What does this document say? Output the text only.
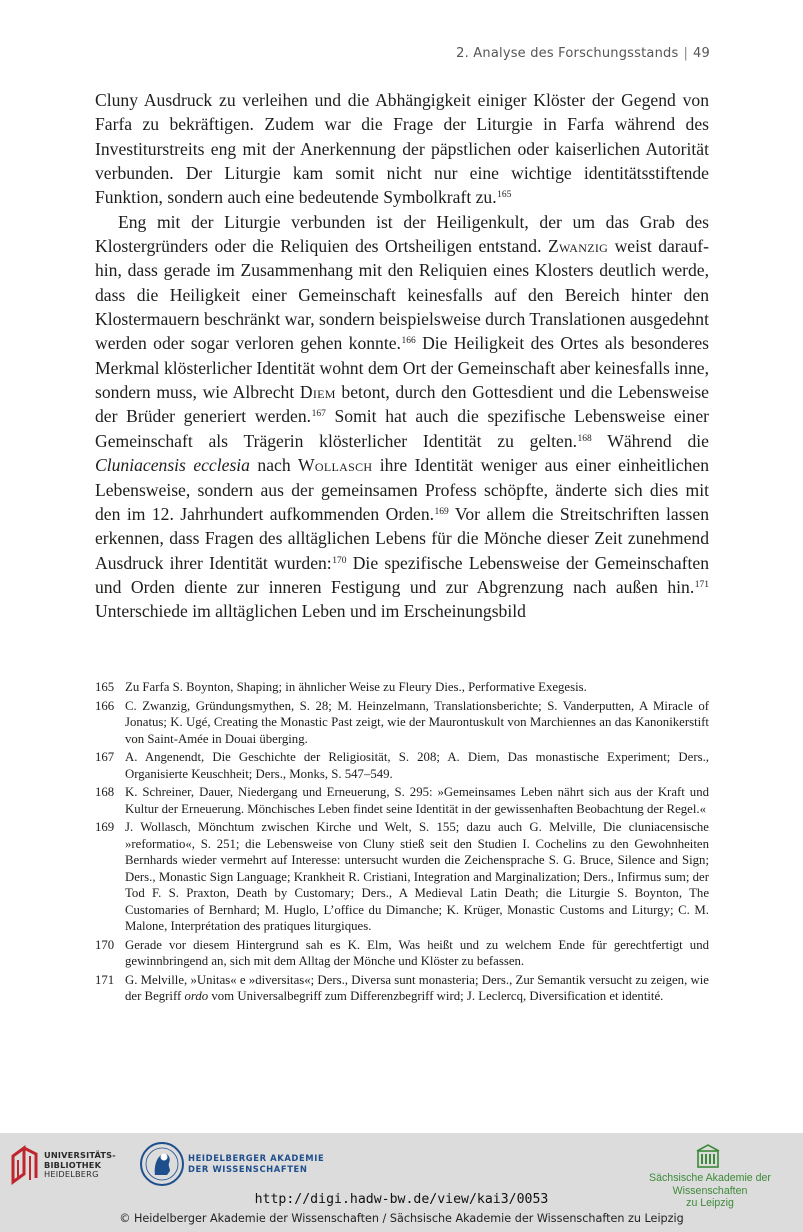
2. Analyse des Forschungsstands | 49

Cluny Ausdruck zu verleihen und die Abhängigkeit einiger Klöster der Gegend von Farfa zu bekräftigen. Zudem war die Frage der Liturgie in Farfa während des Investiturstreits eng mit der Anerkennung der päpstlichen oder kaiserlichen Autorität verbunden. Der Liturgie kam somit nicht nur eine wichtige identitätsstiftende Funktion, sondern auch eine bedeutende Symbolkraft zu.$^{165}$

Eng mit der Liturgie verbunden ist der Heiligenkult, der um das Grab des Klostergründers oder die Reliquien des Ortsheiligen entstand. Zwanzig weist daraufhin, dass gerade im Zusammenhang mit den Reliquien eines Klosters deutlich werde, dass die Heiligkeit einer Gemeinschaft keinesfalls auf den Bereich hinter den Klostermauern beschränkt war, sondern beispielsweise durch Translationen ausgedehnt werden oder sogar verloren gehen konnte.$^{166}$ Die Heiligkeit des Ortes als besonderes Merkmal klösterlicher Identität wohnt dem Ort der Gemeinschaft aber keinesfalls inne, sondern muss, wie Albrecht Diem betont, durch den Gottesdient und die Lebensweise der Brüder generiert werden.$^{167}$ Somit hat auch die spezifische Lebensweise einer Gemeinschaft als Trägerin klösterlicher Identität zu gelten.$^{168}$ Während die Cluniacensis ecclesia nach Wollasch ihre Identität weniger aus einer einheitlichen Lebensweise, sondern aus der gemeinsamen Profess schöpfte, änderte sich dies mit den im 12. Jahrhundert aufkommenden Orden.$^{169}$ Vor allem die Streitschriften lassen erkennen, dass Fragen des alltäglichen Lebens für die Mönche dieser Zeit zunehmend Ausdruck ihrer Identität wurden:$^{170}$ Die spezifische Lebensweise der Gemeinschaften und Orden diente zur inneren Festigung und zur Abgrenzung nach außen hin.$^{171}$ Unterschiede im alltäglichen Leben und im Erscheinungsbild

165 Zu Farfa S. Boynton, Shaping; in ähnlicher Weise zu Fleury Dies., Performative Exegesis.
166 C. Zwanzig, Gründungsmythen, S. 28; M. Heinzelmann, Translationsberichte; S. Vanderputten, A Miracle of Jonatus; K. Ugé, Creating the Monastic Past zeigt, wie der Maurontuskult von Marchiennes an das Kanonikerstift von Saint-Amée in Douai überging.
167 A. Angenendt, Die Geschichte der Religiosität, S. 208; A. Diem, Das monastische Experiment; Ders., Organisierte Keuschheit; Ders., Monks, S. 547–549.
168 K. Schreiner, Dauer, Niedergang und Erneuerung, S. 295: »Gemeinsames Leben nährt sich aus der Kraft und Kultur der Erneuerung. Mönchisches Leben findet seine Identität in der gewissenhaften Beobachtung der Regel.«
169 J. Wollasch, Mönchtum zwischen Kirche und Welt, S. 155; dazu auch G. Melville, Die cluniacensische »reformatio«, S. 251; die Lebensweise von Cluny stieß seit den Studien I. Cochelins zu den Gewohnheiten Bernhards wieder vermehrt auf Interesse: untersucht wurden die Zeichensprache S. G. Bruce, Silence and Sign; Ders., Monastic Sign Language; Krankheit R. Cristiani, Integration and Marginalization; Ders., Infirmus sum; der Tod F. S. Praxton, Death by Customary; Ders., A Medieval Latin Death; die Liturgie S. Boynton, The Customaries of Bernhard; M. Huglo, L’office du Dimanche; K. Krüger, Monastic Customs and Liturgy; C. M. Malone, Interprétation des pratiques liturgiques.
170 Gerade vor diesem Hintergrund sah es K. Elm, Was heißt und zu welchem Ende für gerechtfertigt und gewinnbringend an, sich mit dem Alltag der Mönche und Klöster zu befassen.
171 G. Melville, »Unitas« e »diversitas«; Ders., Diversa sunt monasteria; Ders., Zur Semantik versucht zu zeigen, wie der Begriff ordo vom Universalbegriff zum Differenzbegriff wird; J. Leclercq, Diversification et identité.
UNIVERSITÄTS-
BIBLIOTHEK
HEIDELBERG
HEIDELBERGER AKADEMIE
DER WISSENSCHAFTEN
Sächsische Akademie der Wissenschaften
zu Leipzig
http://digi.hadw-bw.de/view/kai3/0053
© Heidelberger Akademie der Wissenschaften / Sächsische Akademie der Wissenschaften zu Leipzig
